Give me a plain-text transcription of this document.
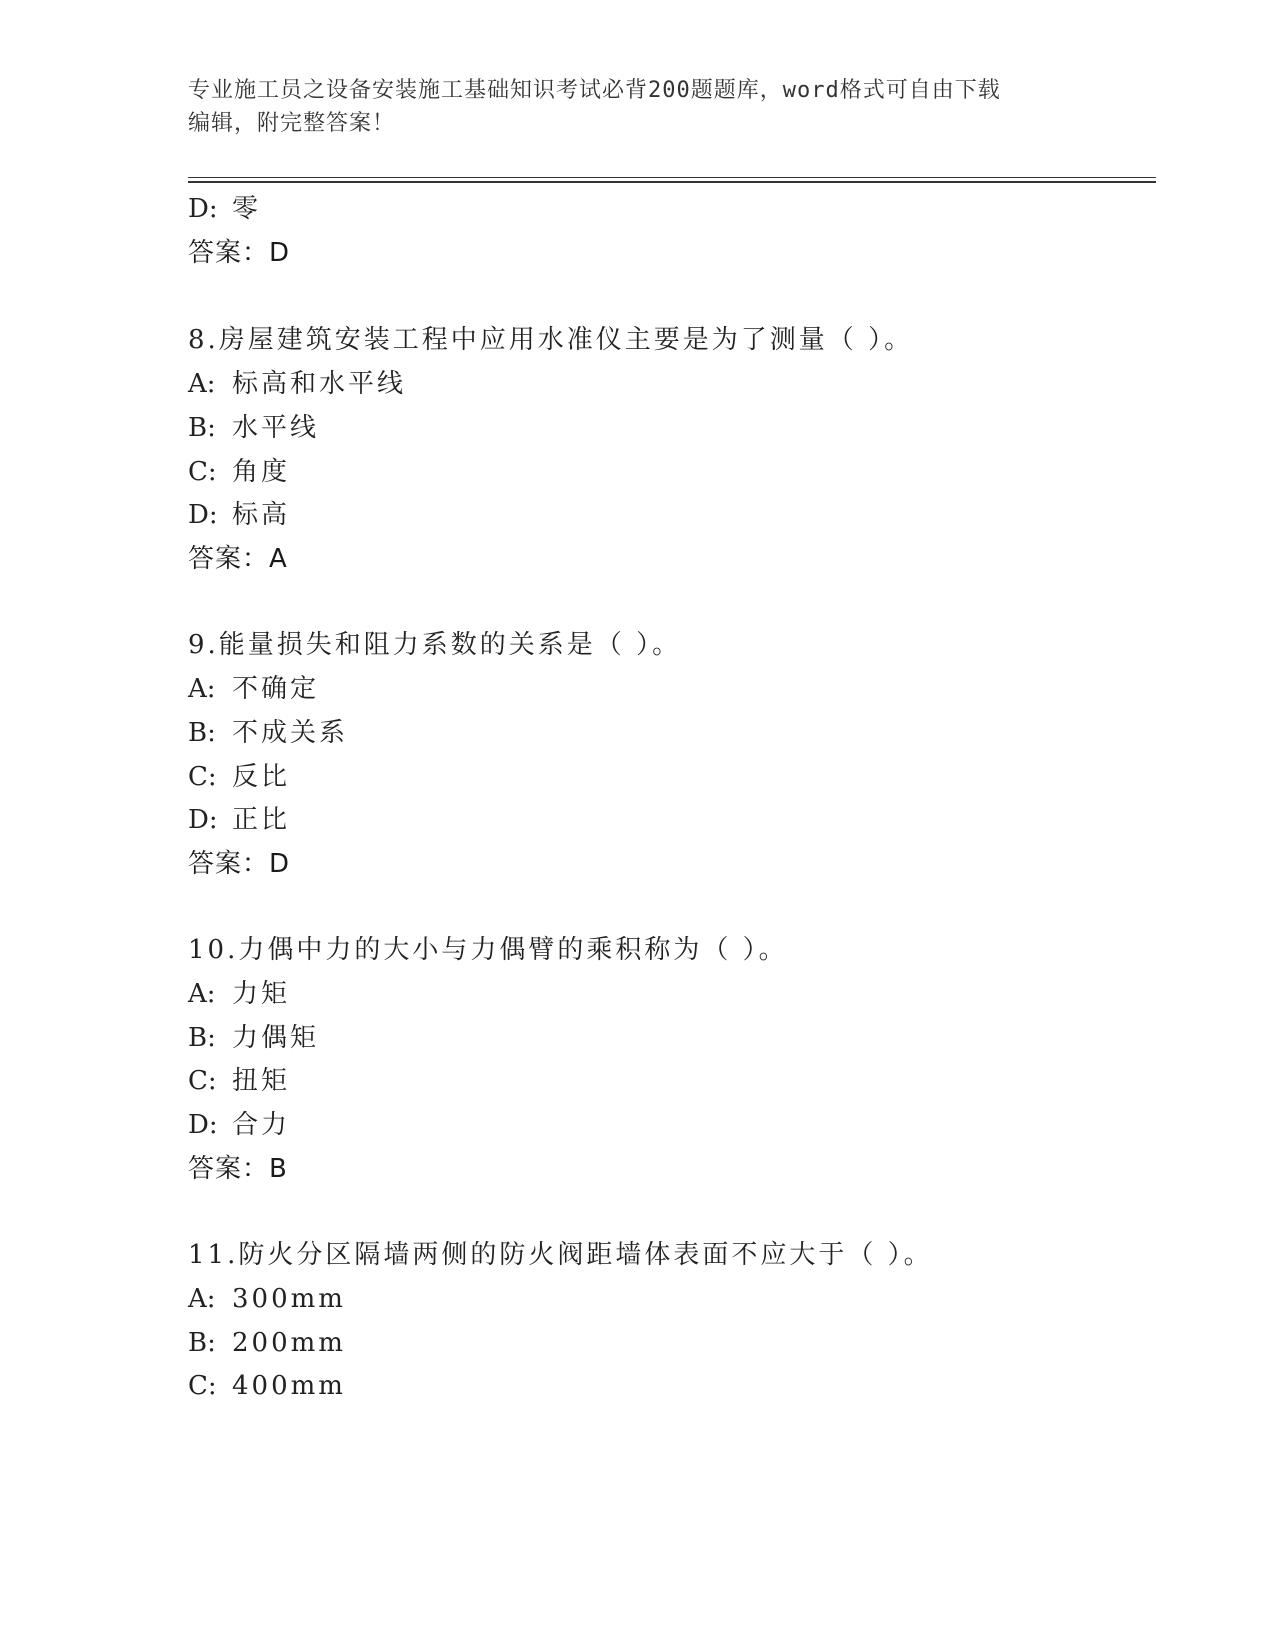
专业施工员之设备安装施工基础知识考试必背200题题库，word格式可自由下载
编辑，附完整答案！
D: 零
答案：D
8.房屋建筑安装工程中应用水准仪主要是为了测量（ ）。
A: 标高和水平线
B: 水平线
C: 角度
D: 标高
答案：A
9.能量损失和阻力系数的关系是（ ）。
A: 不确定
B: 不成关系
C: 反比
D: 正比
答案：D
10.力偶中力的大小与力偶臂的乘积称为（ ）。
A: 力矩
B: 力偶矩
C: 扭矩
D: 合力
答案：B
11.防火分区隔墙两侧的防火阀距墙体表面不应大于（ ）。
A: 300mm
B: 200mm
C: 400mm
